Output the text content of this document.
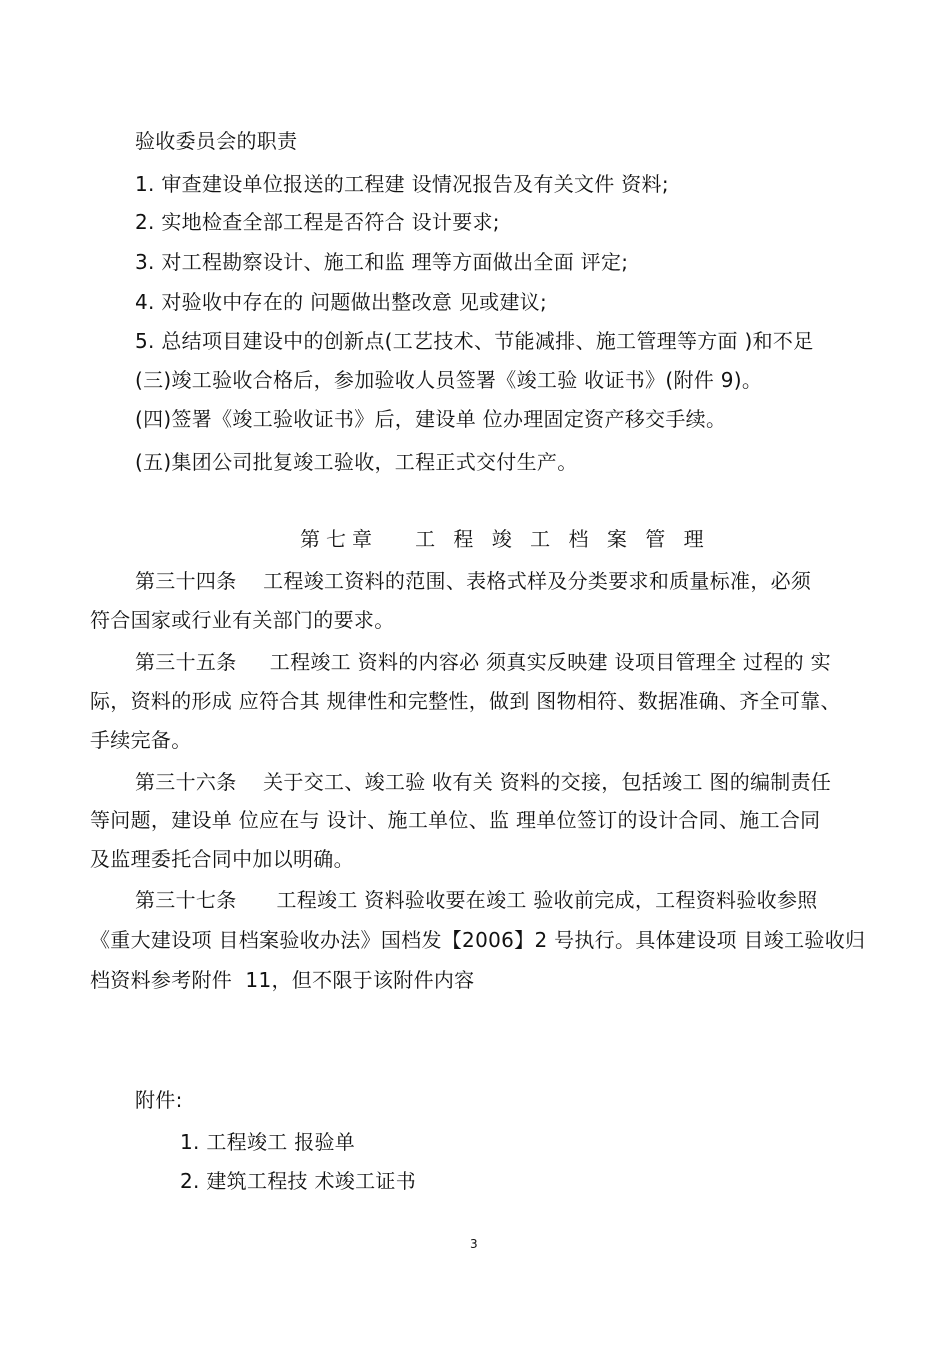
验收委员会的职责
1. 审查建设单位报送的工程建 设情况报告及有关文件 资料;
2. 实地检查全部工程是否符合 设计要求;
3. 对工程勘察设计、施工和监 理等方面做出全面 评定;
4. 对验收中存在的 问题做出整改意 见或建议;
5. 总结项目建设中的创新点(工艺技术、节能减排、施工管理等方面 )和不足
(三)竣工验收合格后，参加验收人员签署《竣工验 收证书》(附件 9)。
(四)签署《竣工验收证书》后，建设单 位办理固定资产移交手续。
(五)集团公司批复竣工验收，工程正式交付生产。
第七章   工 程 竣 工 档 案 管 理
第三十四条    工程竣工资料的范围、表格式样及分类要求和质量标准，必须
符合国家或行业有关部门的要求。
第三十五条     工程竣工 资料的内容必 须真实反映建 设项目管理全 过程的 实
际，资料的形成 应符合其 规律性和完整性，做到 图物相符、数据准确、齐全可靠、
手续完备。
第三十六条    关于交工、竣工验 收有关 资料的交接，包括竣工 图的编制责任
等问题，建设单 位应在与 设计、施工单位、监 理单位签订的设计合同、施工合同
及监理委托合同中加以明确。
第三十七条      工程竣工 资料验收要在竣工 验收前完成，工程资料验收参照
《重大建设项 目档案验收办法》国档发【2006】2 号执行。具体建设项 目竣工验收归
档资料参考附件  11，但不限于该附件内容
附件:
1. 工程竣工 报验单
2. 建筑工程技 术竣工证书
3
